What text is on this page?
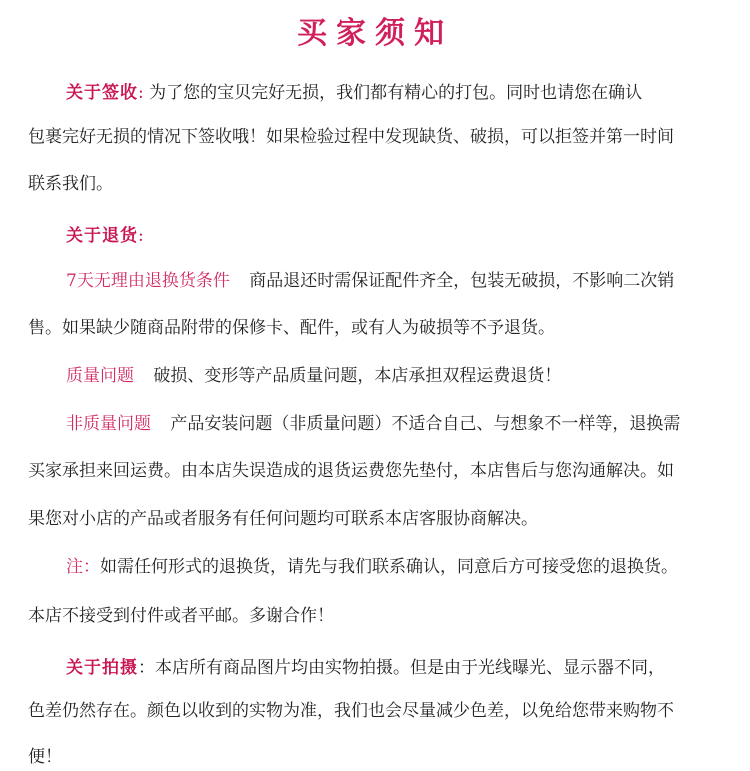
买家须知
关于签收: 为了您的宝贝完好无损，我们都有精心的打包。同时也请您在确认
包裹完好无损的情况下签收哦！如果检验过程中发现缺货、破损，可以拒签并第一时间
联系我们。
关于退货:
7天无理由退换货条件 商品退还时需保证配件齐全，包装无破损，不影响二次销
售。如果缺少随商品附带的保修卡、配件，或有人为破损等不予退货。
质量问题 破损、变形等产品质量问题，本店承担双程运费退货！
非质量问题 产品安装问题（非质量问题）不适合自己、与想象不一样等，退换需
买家承担来回运费。由本店失误造成的退货运费您先垫付，本店售后与您沟通解决。如
果您对小店的产品或者服务有任何问题均可联系本店客服协商解决。
注：如需任何形式的退换货，请先与我们联系确认，同意后方可接受您的退换货。
本店不接受到付件或者平邮。多谢合作！
关于拍摄：本店所有商品图片均由实物拍摄。但是由于光线曝光、显示器不同，
色差仍然存在。颜色以收到的实物为准，我们也会尽量减少色差，以免给您带来购物不
便！
